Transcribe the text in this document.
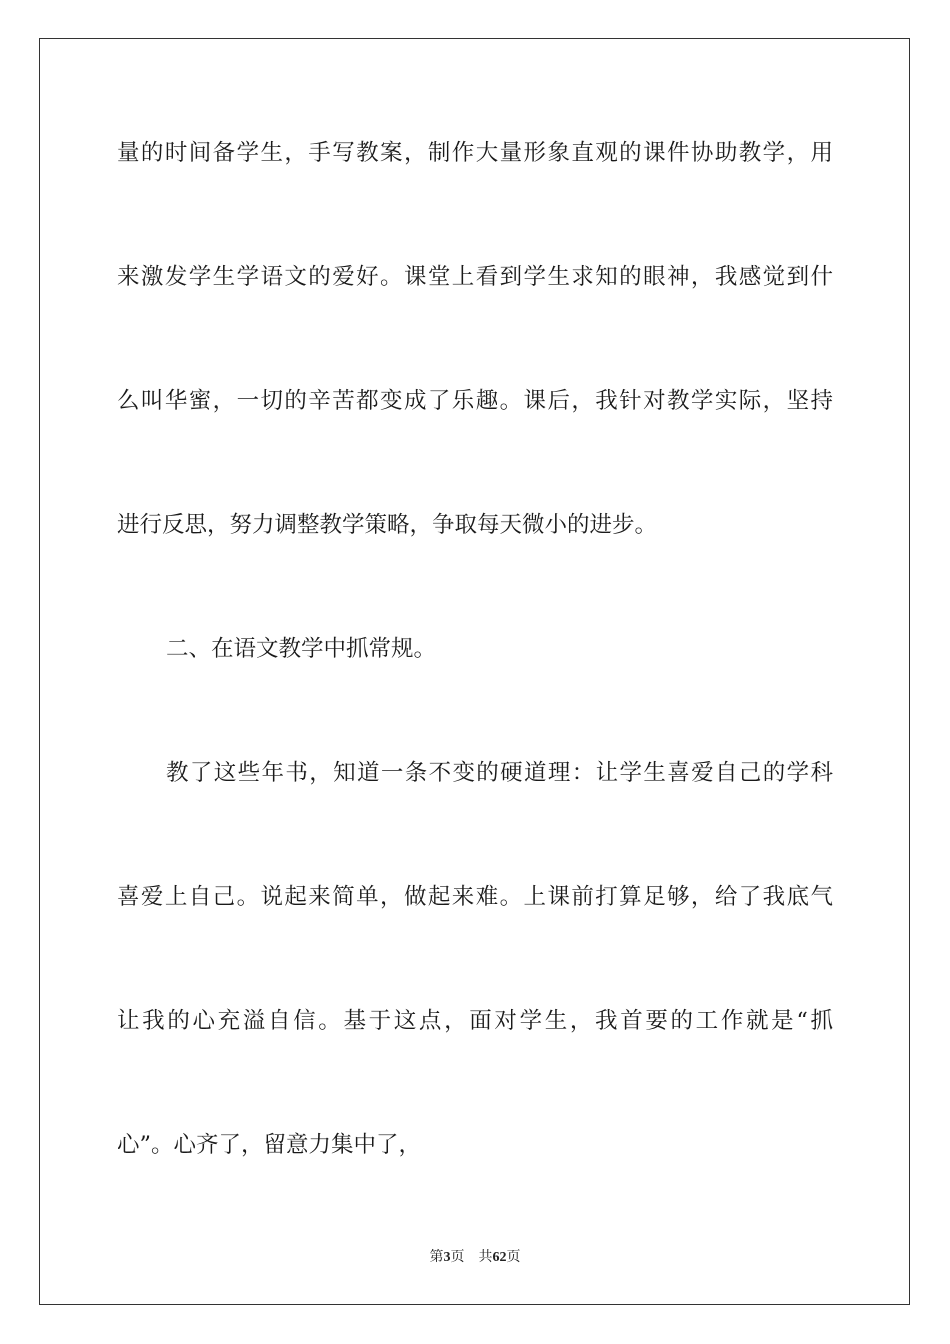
量的时间备学生，手写教案，制作大量形象直观的课件协助教学，用
来激发学生学语文的爱好。课堂上看到学生求知的眼神，我感觉到什
么叫华蜜，一切的辛苦都变成了乐趣。课后，我针对教学实际，坚持
进行反思，努力调整教学策略，争取每天微小的进步。
二、在语文教学中抓常规。
教了这些年书，知道一条不变的硬道理：让学生喜爱自己的学科
喜爱上自己。说起来简单，做起来难。上课前打算足够，给了我底气
让我的心充溢自信。基于这点，面对学生，我首要的工作就是“抓
心”。心齐了，留意力集中了，
第3页 共62页
